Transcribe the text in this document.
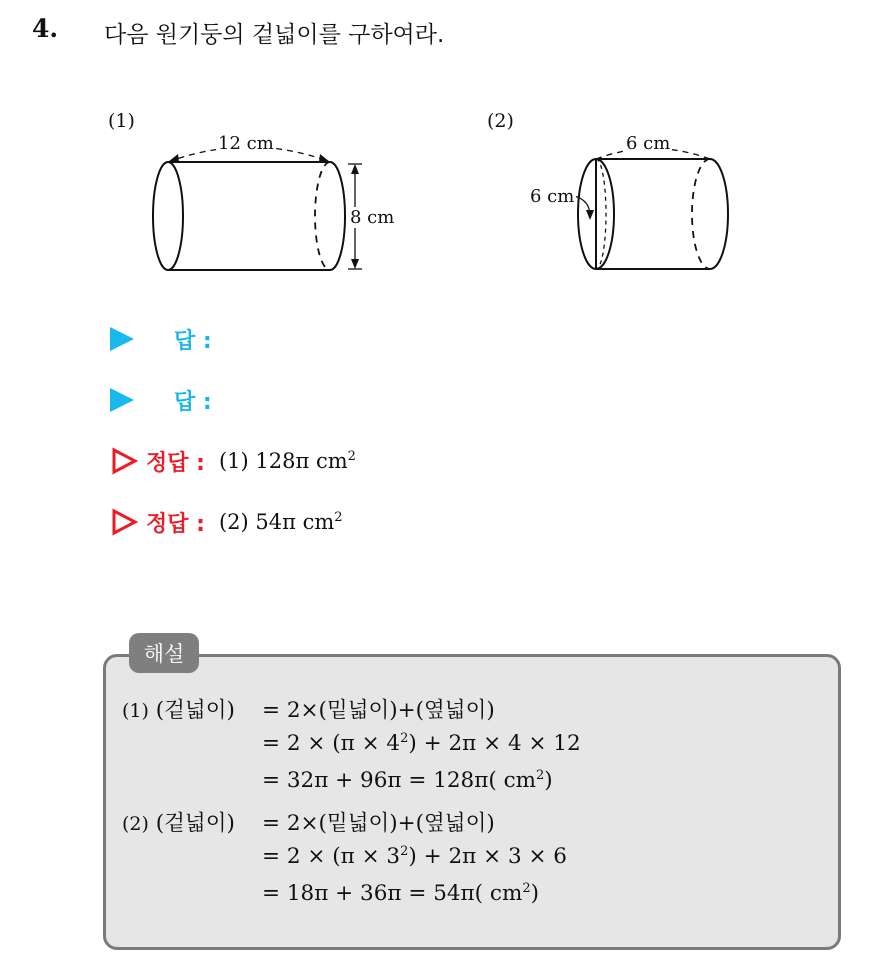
4. 다음 원기둥의 겉넓이를 구하여라.
(1)
12 cm
8 cm
(2)
6 cm
6 cm
답 :
답 :
정답 : (1) 128π $cm^2$
정답 : (2) 54π $cm^2$
해설
(1) (겉넓이) = 2×(밑넓이)+(옆넓이)
= $2 \times (\pi \times 4^2) + 2\pi \times 4 \times 12$
= 32π + 96π = 128π( $cm^2$)
(2) (겉넓이) = 2×(밑넓이)+(옆넓이)
= $2 \times (\pi \times 3^2) + 2\pi \times 3 \times 6$
= 18π + 36π = 54π( $cm^2$)
